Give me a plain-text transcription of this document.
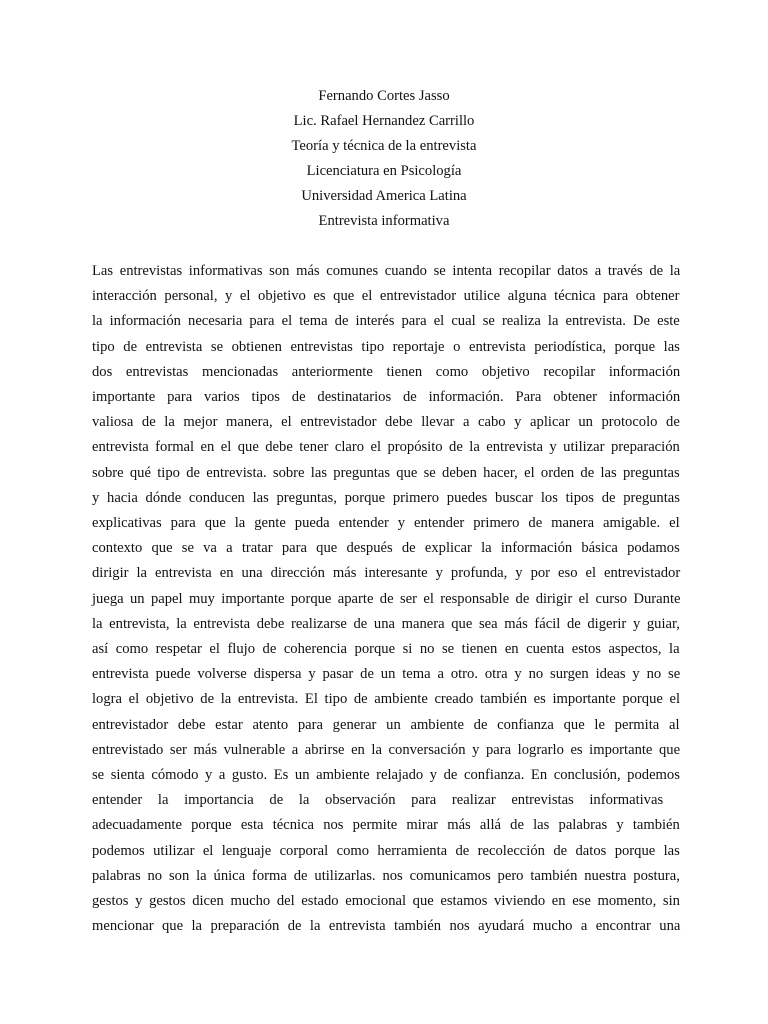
Fernando Cortes Jasso
Lic. Rafael Hernandez Carrillo
Teoría y técnica de la entrevista
Licenciatura en Psicología
Universidad America Latina
Entrevista informativa
Las entrevistas informativas son más comunes cuando se intenta recopilar datos a través de la
interacción personal, y el objetivo es que el entrevistador utilice alguna técnica para obtener
la información necesaria para el tema de interés para el cual se realiza la entrevista. De este
tipo de entrevista se obtienen entrevistas tipo reportaje o entrevista periodística, porque las
dos entrevistas mencionadas anteriormente tienen como objetivo recopilar información
importante para varios tipos de destinatarios de información. Para obtener información
valiosa de la mejor manera, el entrevistador debe llevar a cabo y aplicar un protocolo de
entrevista formal en el que debe tener claro el propósito de la entrevista y utilizar preparación
sobre qué tipo de entrevista. sobre las preguntas que se deben hacer, el orden de las preguntas
y hacia dónde conducen las preguntas, porque primero puedes buscar los tipos de preguntas
explicativas para que la gente pueda entender y entender primero de manera amigable. el
contexto que se va a tratar para que después de explicar la información básica podamos
dirigir la entrevista en una dirección más interesante y profunda, y por eso el entrevistador
juega un papel muy importante porque aparte de ser el responsable de dirigir el curso Durante
la entrevista, la entrevista debe realizarse de una manera que sea más fácil de digerir y guiar,
así como respetar el flujo de coherencia porque si no se tienen en cuenta estos aspectos, la
entrevista puede volverse dispersa y pasar de un tema a otro. otra y no surgen ideas y no se
logra el objetivo de la entrevista. El tipo de ambiente creado también es importante porque el
entrevistador debe estar atento para generar un ambiente de confianza que le permita al
entrevistado ser más vulnerable a abrirse en la conversación y para lograrlo es importante que
se sienta cómodo y a gusto. Es un ambiente relajado y de confianza. En conclusión, podemos
entender la importancia de la observación para realizar entrevistas informativas
adecuadamente porque esta técnica nos permite mirar más allá de las palabras y también
podemos utilizar el lenguaje corporal como herramienta de recolección de datos porque las
palabras no son la única forma de utilizarlas. nos comunicamos pero también nuestra postura,
gestos y gestos dicen mucho del estado emocional que estamos viviendo en ese momento, sin
mencionar que la preparación de la entrevista también nos ayudará mucho a encontrar una
